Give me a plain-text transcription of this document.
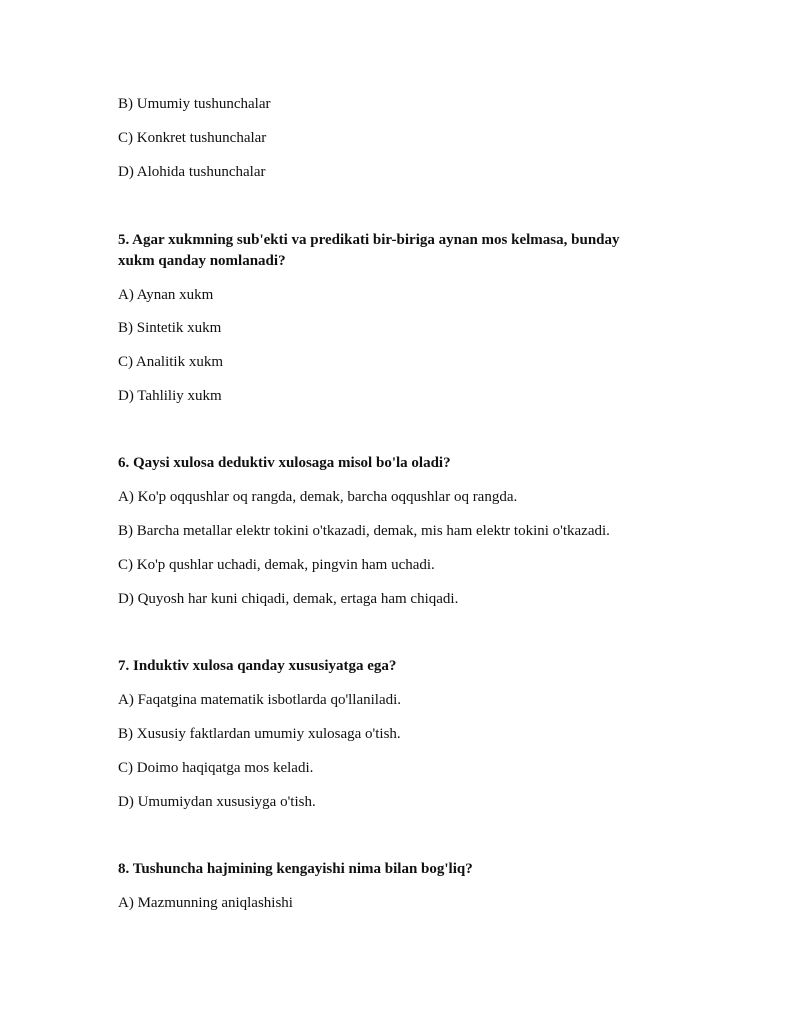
B) Umumiy tushunchalar
C) Konkret tushunchalar
D) Alohida tushunchalar
5. Agar xukmning sub'ekti va predikati bir-biriga aynan mos kelmasa, bunday
xukm qanday nomlanadi?
A) Aynan xukm
B) Sintetik xukm
C) Analitik xukm
D) Tahliliy xukm
6. Qaysi xulosa deduktiv xulosaga misol bo'la oladi?
A) Ko'p oqqushlar oq rangda, demak, barcha oqqushlar oq rangda.
B) Barcha metallar elektr tokini o'tkazadi, demak, mis ham elektr tokini o'tkazadi.
C) Ko'p qushlar uchadi, demak, pingvin ham uchadi.
D) Quyosh har kuni chiqadi, demak, ertaga ham chiqadi.
7. Induktiv xulosa qanday xususiyatga ega?
A) Faqatgina matematik isbotlarda qo'llaniladi.
B) Xususiy faktlardan umumiy xulosaga o'tish.
C) Doimo haqiqatga mos keladi.
D) Umumiydan xususiyga o'tish.
8. Tushuncha hajmining kengayishi nima bilan bog'liq?
A) Mazmunning aniqlashishi
